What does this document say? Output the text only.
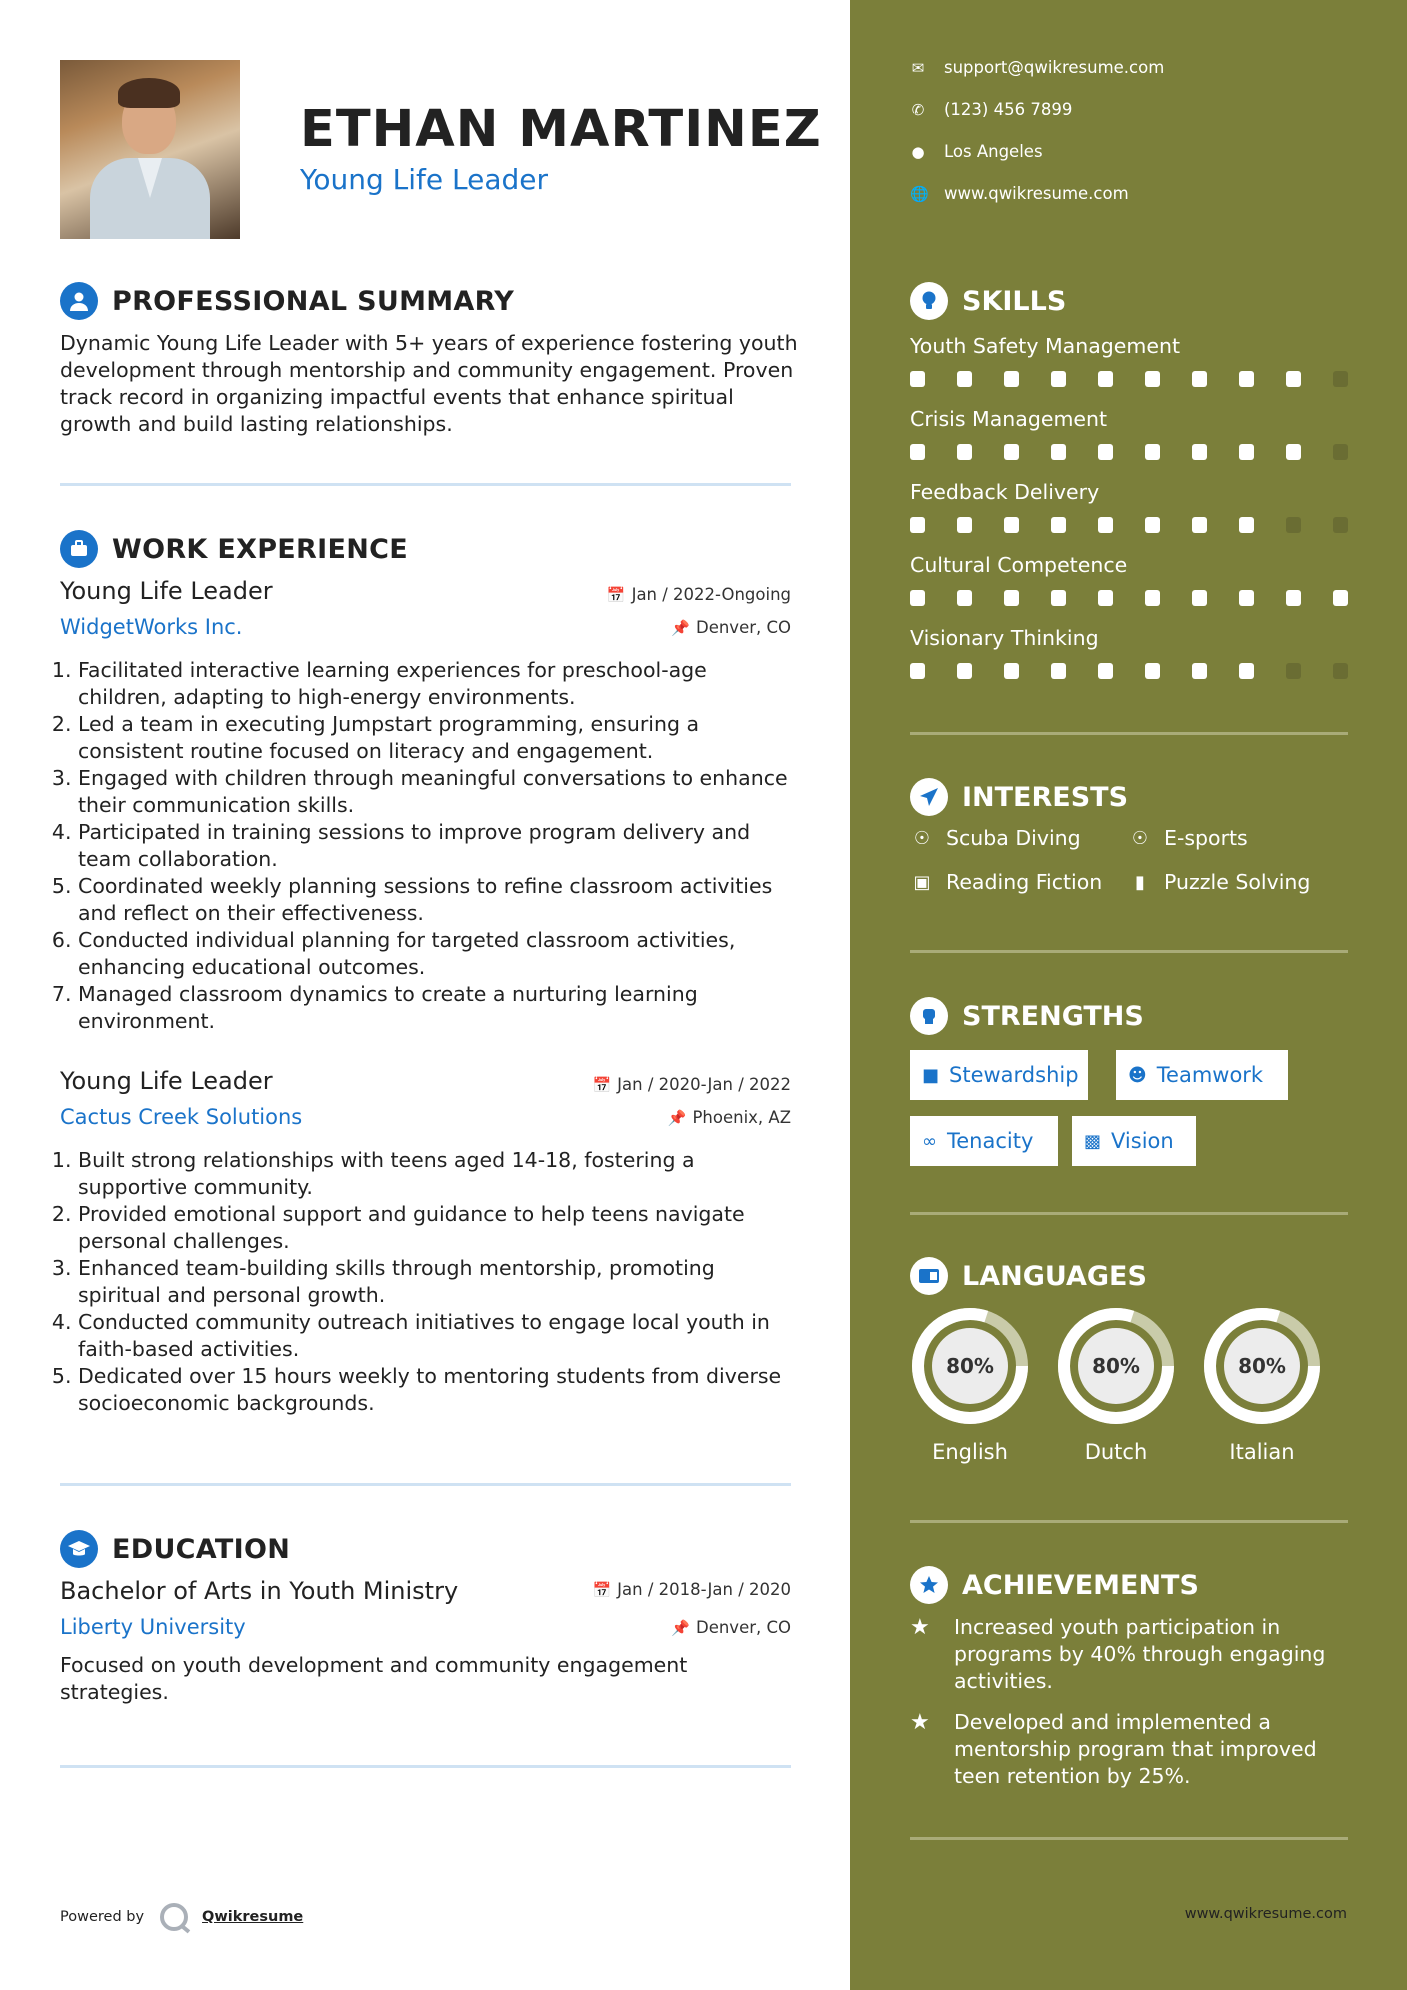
ETHAN MARTINEZ
Young Life Leader
PROFESSIONAL SUMMARY
Dynamic Young Life Leader with 5+ years of experience fostering youth development through mentorship and community engagement. Proven track record in organizing impactful events that enhance spiritual growth and build lasting relationships.
WORK EXPERIENCE
Young Life Leader	📅 Jan / 2022-Ongoing
WidgetWorks Inc.	📌 Denver, CO
1. Facilitated interactive learning experiences for preschool-age children, adapting to high-energy environments.
2. Led a team in executing Jumpstart programming, ensuring a consistent routine focused on literacy and engagement.
3. Engaged with children through meaningful conversations to enhance their communication skills.
4. Participated in training sessions to improve program delivery and team collaboration.
5. Coordinated weekly planning sessions to refine classroom activities and reflect on their effectiveness.
6. Conducted individual planning for targeted classroom activities, enhancing educational outcomes.
7. Managed classroom dynamics to create a nurturing learning environment.
Young Life Leader	📅 Jan / 2020-Jan / 2022
Cactus Creek Solutions	📌 Phoenix, AZ
1. Built strong relationships with teens aged 14-18, fostering a supportive community.
2. Provided emotional support and guidance to help teens navigate personal challenges.
3. Enhanced team-building skills through mentorship, promoting spiritual and personal growth.
4. Conducted community outreach initiatives to engage local youth in faith-based activities.
5. Dedicated over 15 hours weekly to mentoring students from diverse socioeconomic backgrounds.
EDUCATION
Bachelor of Arts in Youth Ministry	📅 Jan / 2018-Jan / 2020
Liberty University	📌 Denver, CO
Focused on youth development and community engagement strategies.
Powered by	Qwikresume
✉ support@qwikresume.com
✆ (123) 456 7899
● Los Angeles
🌐 www.qwikresume.com
SKILLS
INTERESTS
☉ Scuba Diving	☉ E-sports
▣ Reading Fiction	▮ Puzzle Solving
STRENGTHS
■ Stewardship	☻ Teamwork
∞ Tenacity	▩ Vision
LANGUAGES
ACHIEVEMENTS
★	Increased youth participation in programs by 40% through engaging activities.
★	Developed and implemented a mentorship program that improved teen retention by 25%.
Youth Safety Management
Crisis Management
Feedback Delivery
Cultural Competence
Visionary Thinking
80%
English
80%
Dutch
80%
Italian
www.qwikresume.com
